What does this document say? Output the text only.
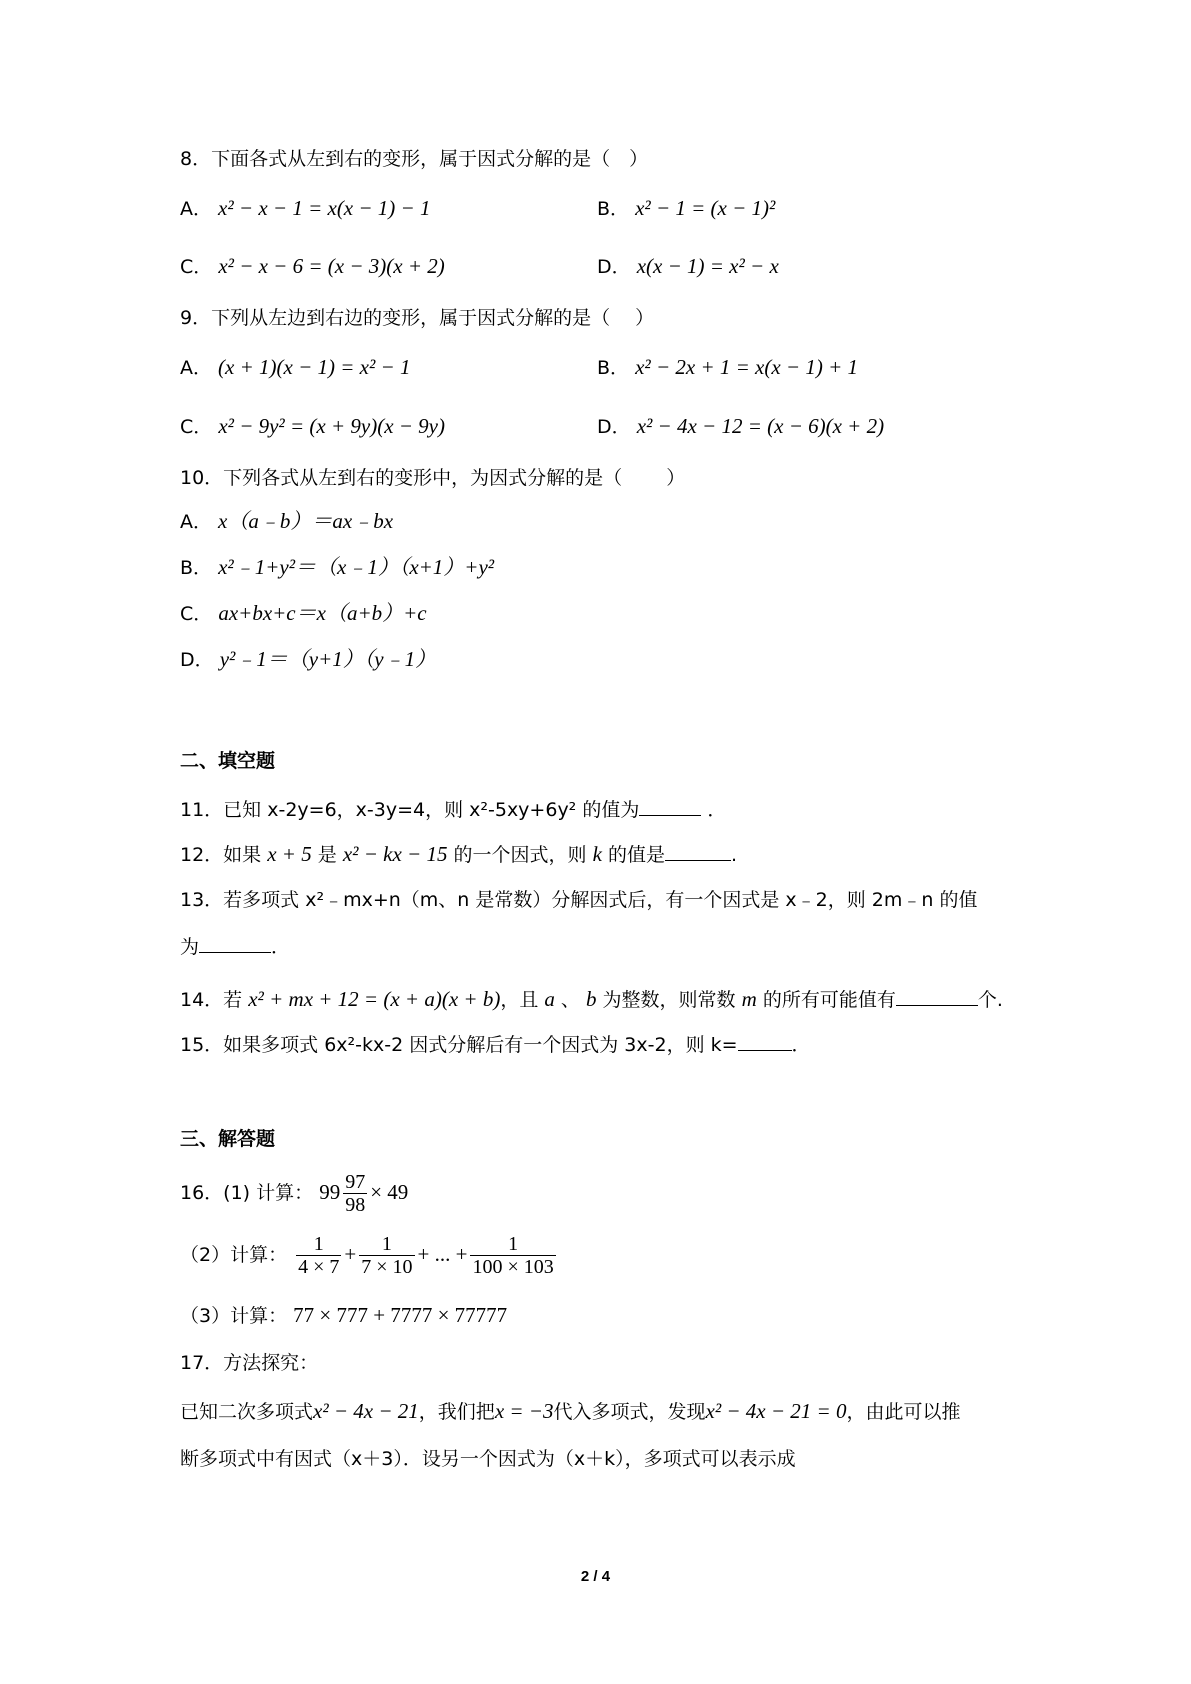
8．下面各式从左到右的变形，属于因式分解的是（　）
A． x² − x − 1 = x(x − 1) − 1	B． x² − 1 = (x − 1)²
C． x² − x − 6 = (x − 3)(x + 2)	D． x(x − 1) = x² − x
9．下列从左边到右边的变形，属于因式分解的是（　 ）
A． (x + 1)(x − 1) = x² − 1	B． x² − 2x + 1 = x(x − 1) + 1
C． x² − 9y² = (x + 9y)(x − 9y)	D． x² − 4x − 12 = (x − 6)(x + 2)
10．下列各式从左到右的变形中，为因式分解的是（　　 ）
A． x（a﹣b）＝ax﹣bx
B． x²﹣1+y²＝（x﹣1）（x+1）+y²
C． ax+bx+c＝x（a+b）+c
D． y²﹣1＝（y+1）（y﹣1）
二、填空题
11．已知 x-2y=6，x-3y=4，则 x²-5xy+6y² 的值为	．
12．如果 x + 5 是 x² − kx − 15 的一个因式，则 k 的值是	.
13．若多项式 x²﹣mx+n（m、n 是常数）分解因式后，有一个因式是 x﹣2，则 2m﹣n 的值
为	．
14．若 x² + mx + 12 = (x + a)(x + b)，且 a 、 b 为整数，则常数 m 的所有可能值有	个.
15．如果多项式 6x²-kx-2 因式分解后有一个因式为 3x-2，则 k=	．
三、解答题
16．(1) 计算： $99 \frac{97}{98} \times 49$
（2）计算： $\frac{1}{4 \times 7} + \frac{1}{7 \times 10}$ + ... + $\frac{1}{100 \times 103}$
（3）计算： 77 × 777 + 7777 × 77777
17．方法探究：
已知二次多项式x² − 4x − 21，我们把x = −3代入多项式，发现x² − 4x − 21 = 0，由此可以推
断多项式中有因式（x＋3）．设另一个因式为（x＋k），多项式可以表示成
2 / 4
